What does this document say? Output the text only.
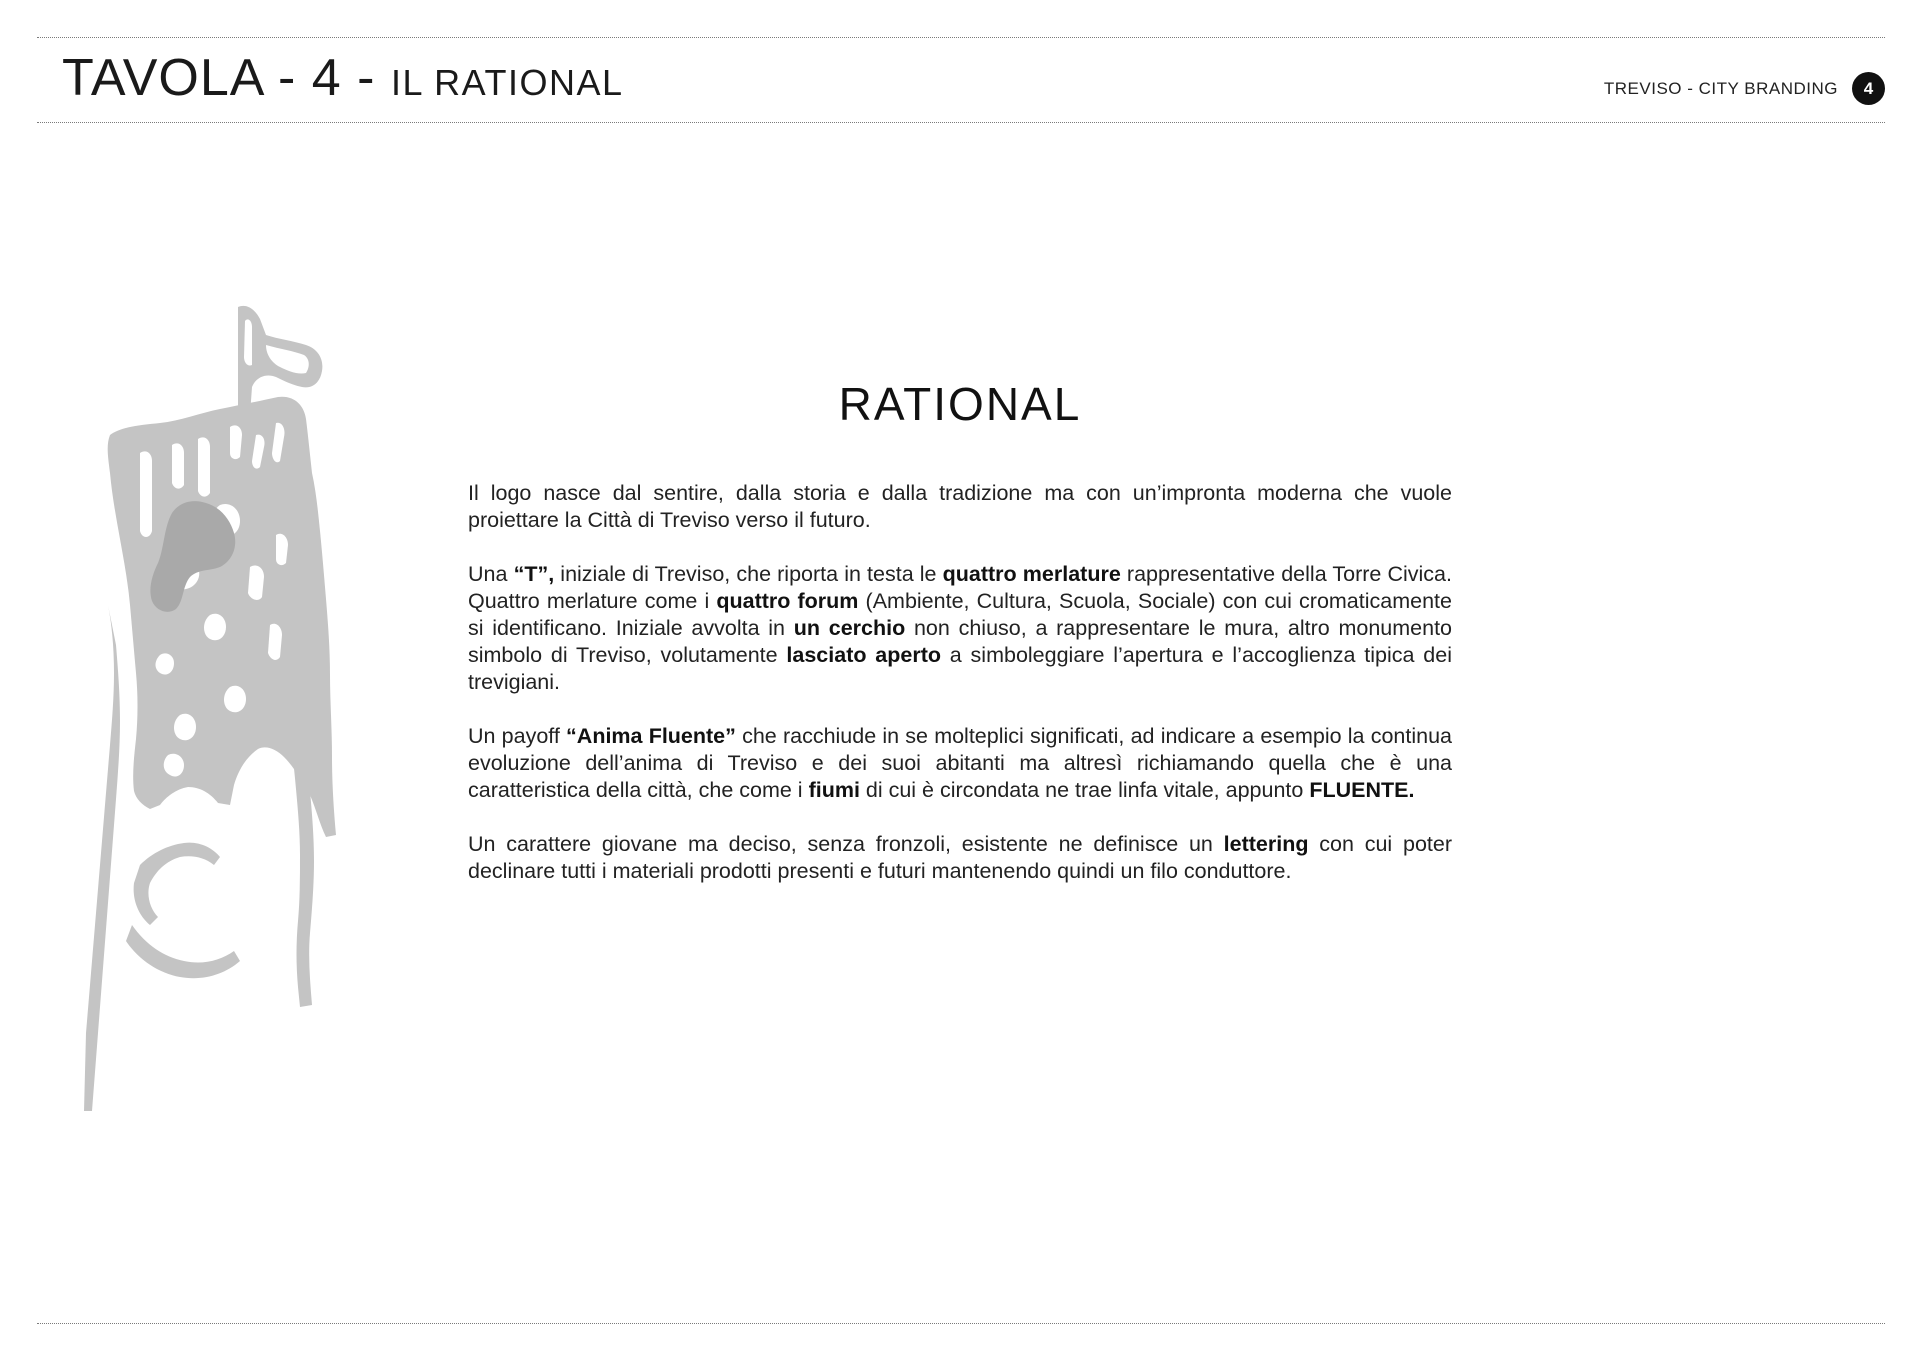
TAVOLA - 4 - IL RATIONAL	TREVISO - CITY BRANDING	4
RATIONAL

Il logo nasce dal sentire, dalla storia e dalla tradizione ma con un’impronta moderna che vuole proiettare la Città di Treviso verso il futuro.

Una “T”, iniziale di Treviso, che riporta in testa le quattro merlature rappresentative della Torre Civica. Quattro merlature come i quattro forum (Ambiente, Cultura, Scuola, Sociale) con cui cromaticamente si identificano. Iniziale avvolta in un cerchio non chiuso, a rappresentare le mura, altro monumento simbolo di Treviso, volutamente lasciato aperto a simboleggiare l’apertura e l’accoglienza tipica dei trevigiani.

Un payoff “Anima Fluente” che racchiude in se molteplici significati, ad indicare a esempio la continua evoluzione dell’anima di Treviso e dei suoi abitanti ma altresì richiamando quella che è una caratteristica della città, che come i fiumi di cui è circondata ne trae linfa vitale, appunto FLUENTE.

Un carattere giovane ma deciso, senza fronzoli, esistente ne definisce un lettering con cui poter declinare tutti i materiali prodotti presenti e futuri mantenendo quindi un filo conduttore.
